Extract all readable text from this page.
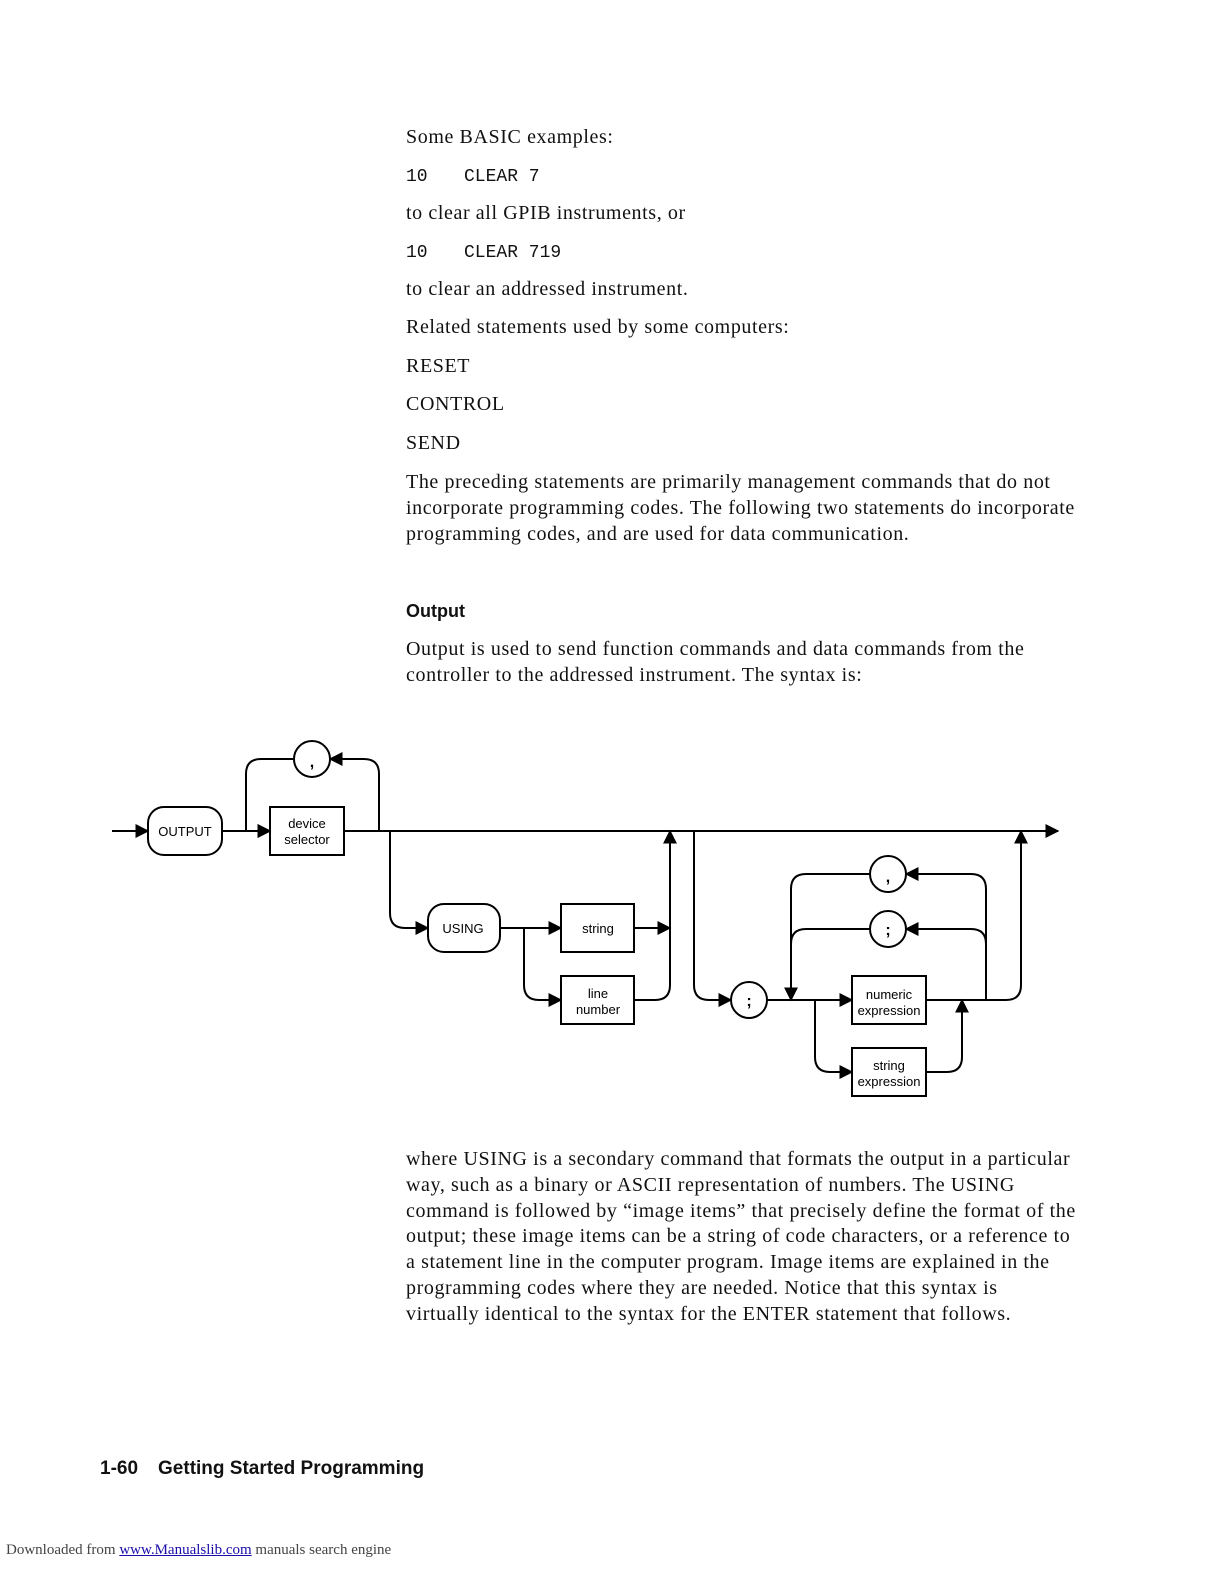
Some BASIC examples:

10 CLEAR 7

to clear all GPIB instruments, or

10 CLEAR 719

to clear an addressed instrument.

Related statements used by some computers:

RESET

CONTROL

SEND

The preceding statements are primarily management commands that do not incorporate programming codes. The following two statements do incorporate programming codes, and are used for data communication.

Output

Output is used to send function commands and data commands from the controller to the addressed instrument. The syntax is:

OUTPUT
device
selector
,
USING	string
line
number	;	numeric
expression
string
expression
,
;

where USING is a secondary command that formats the output in a particular way, such as a binary or ASCII representation of numbers. The USING command is followed by “image items” that precisely define the format of the output; these image items can be a string of code characters, or a reference to a statement line in the computer program. Image items are explained in the programming codes where they are needed. Notice that this syntax is virtually identical to the syntax for the ENTER statement that follows.

1-60 Getting Started Programming

Downloaded from www.Manualslib.com manuals search engine
